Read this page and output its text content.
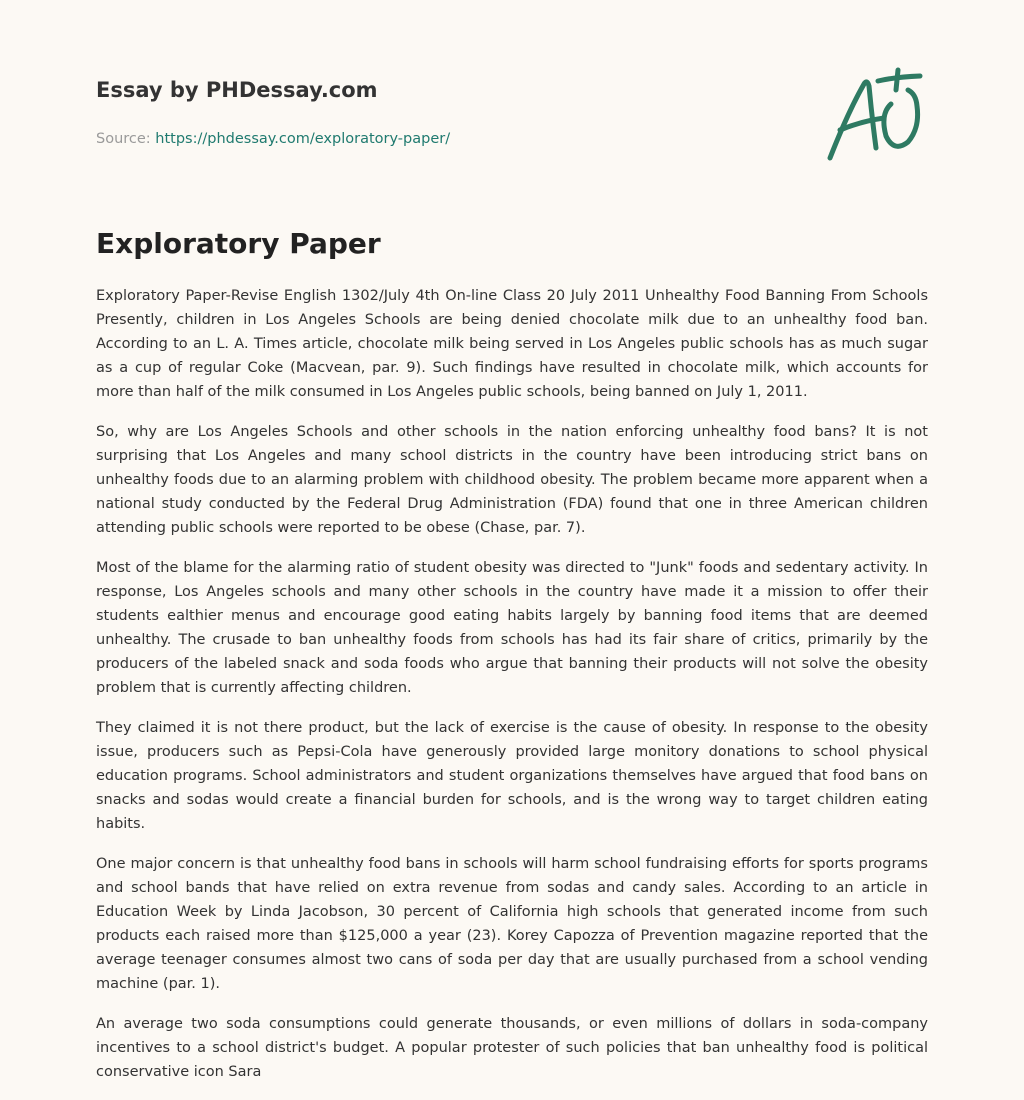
Essay by PHDessay.com
Source: https://phdessay.com/exploratory-paper/
Exploratory Paper

Exploratory Paper-Revise English 1302/July 4th On-line Class 20 July 2011 Unhealthy Food Banning From Schools Presently, children in Los Angeles Schools are being denied chocolate milk due to an unhealthy food ban. According to an L. A. Times article, chocolate milk being served in Los Angeles public schools has as much sugar as a cup of regular Coke (Macvean, par. 9). Such findings have resulted in chocolate milk, which accounts for more than half of the milk consumed in Los Angeles public schools, being banned on July 1, 2011.

So, why are Los Angeles Schools and other schools in the nation enforcing unhealthy food bans? It is not surprising that Los Angeles and many school districts in the country have been introducing strict bans on unhealthy foods due to an alarming problem with childhood obesity. The problem became more apparent when a national study conducted by the Federal Drug Administration (FDA) found that one in three American children attending public schools were reported to be obese (Chase, par. 7).

Most of the blame for the alarming ratio of student obesity was directed to "Junk" foods and sedentary activity. In response, Los Angeles schools and many other schools in the country have made it a mission to offer their students ealthier menus and encourage good eating habits largely by banning food items that are deemed unhealthy. The crusade to ban unhealthy foods from schools has had its fair share of critics, primarily by the producers of the labeled snack and soda foods who argue that banning their products will not solve the obesity problem that is currently affecting children.

They claimed it is not there product, but the lack of exercise is the cause of obesity. In response to the obesity issue, producers such as Pepsi-Cola have generously provided large monitory donations to school physical education programs. School administrators and student organizations themselves have argued that food bans on snacks and sodas would create a financial burden for schools, and is the wrong way to target children eating habits.

One major concern is that unhealthy food bans in schools will harm school fundraising efforts for sports programs and school bands that have relied on extra revenue from sodas and candy sales. According to an article in Education Week by Linda Jacobson, 30 percent of California high schools that generated income from such products each raised more than $125,000 a year (23). Korey Capozza of Prevention magazine reported that the average teenager consumes almost two cans of soda per day that are usually purchased from a school vending machine (par. 1).

An average two soda consumptions could generate thousands, or even millions of dollars in soda-company incentives to a school district's budget. A popular protester of such policies that ban unhealthy food is political conservative icon Sara
